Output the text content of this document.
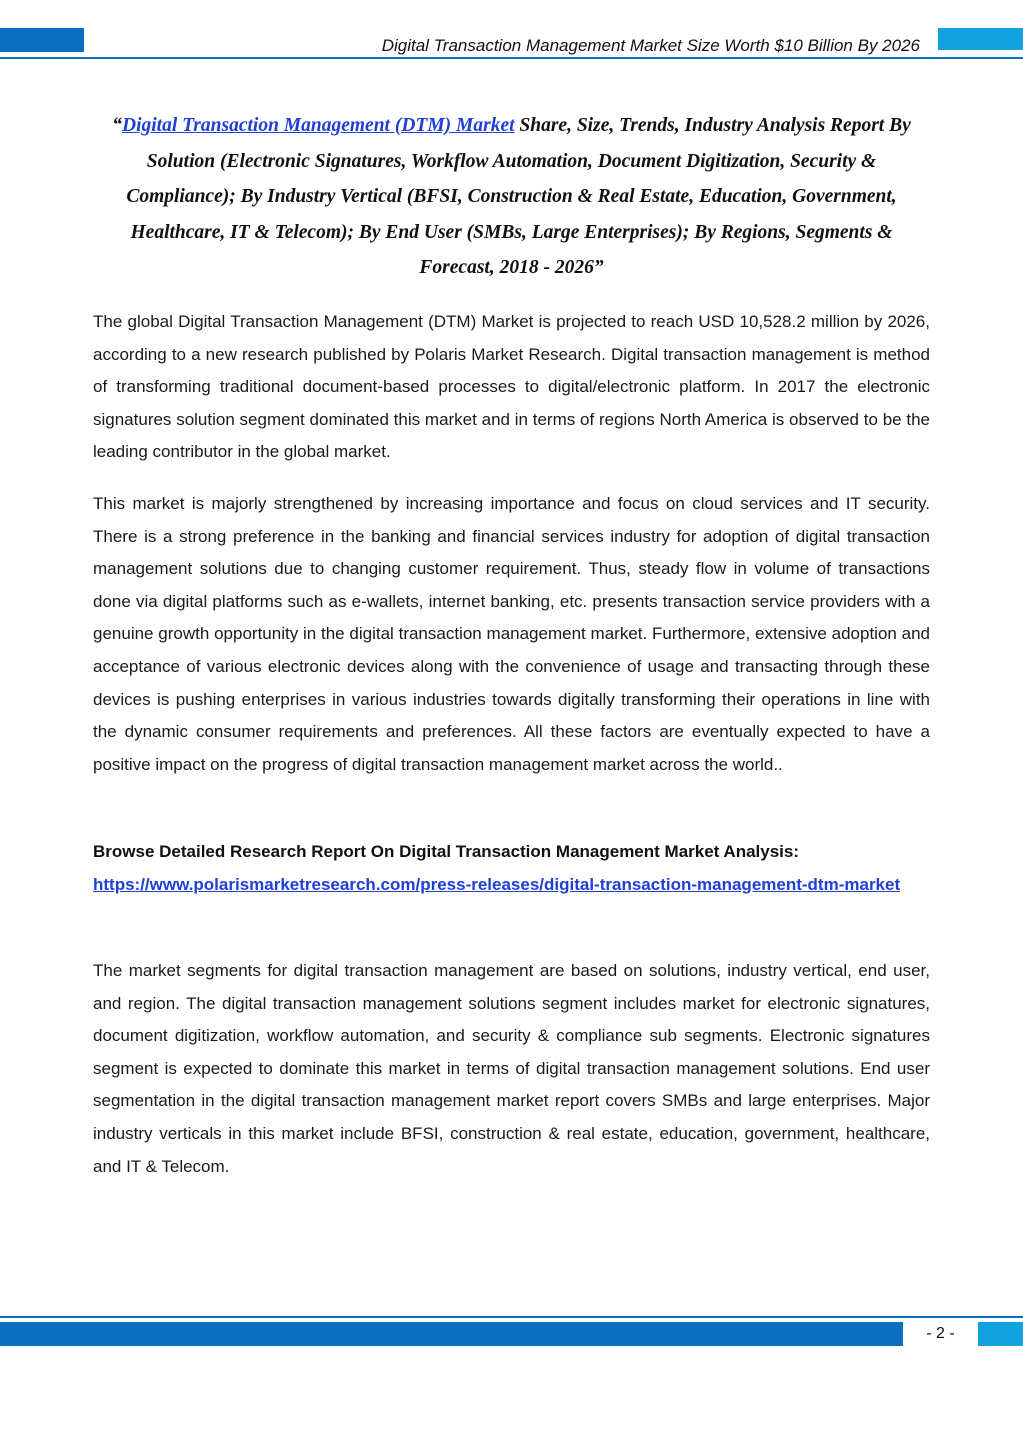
Digital Transaction Management Market Size Worth $10 Billion By 2026
“Digital Transaction Management (DTM) Market Share, Size, Trends, Industry Analysis Report By Solution (Electronic Signatures, Workflow Automation, Document Digitization, Security & Compliance); By Industry Vertical (BFSI, Construction & Real Estate, Education, Government, Healthcare, IT & Telecom); By End User (SMBs, Large Enterprises); By Regions, Segments & Forecast, 2018 - 2026”

The global Digital Transaction Management (DTM) Market is projected to reach USD 10,528.2 million by 2026, according to a new research published by Polaris Market Research. Digital transaction management is method of transforming traditional document-based processes to digital/electronic platform. In 2017 the electronic signatures solution segment dominated this market and in terms of regions North America is observed to be the leading contributor in the global market.

This market is majorly strengthened by increasing importance and focus on cloud services and IT security. There is a strong preference in the banking and financial services industry for adoption of digital transaction management solutions due to changing customer requirement. Thus, steady flow in volume of transactions done via digital platforms such as e-wallets, internet banking, etc. presents transaction service providers with a genuine growth opportunity in the digital transaction management market. Furthermore, extensive adoption and acceptance of various electronic devices along with the convenience of usage and transacting through these devices is pushing enterprises in various industries towards digitally transforming their operations in line with the dynamic consumer requirements and preferences. All these factors are eventually expected to have a positive impact on the progress of digital transaction management market across the world..

Browse Detailed Research Report On Digital Transaction Management Market Analysis:
https://www.polarismarketresearch.com/press-releases/digital-transaction-management-dtm-market

The market segments for digital transaction management are based on solutions, industry vertical, end user, and region. The digital transaction management solutions segment includes market for electronic signatures, document digitization, workflow automation, and security & compliance sub segments. Electronic signatures segment is expected to dominate this market in terms of digital transaction management solutions. End user segmentation in the digital transaction management market report covers SMBs and large enterprises. Major industry verticals in this market include BFSI, construction & real estate, education, government, healthcare, and IT & Telecom.

- 2 -
